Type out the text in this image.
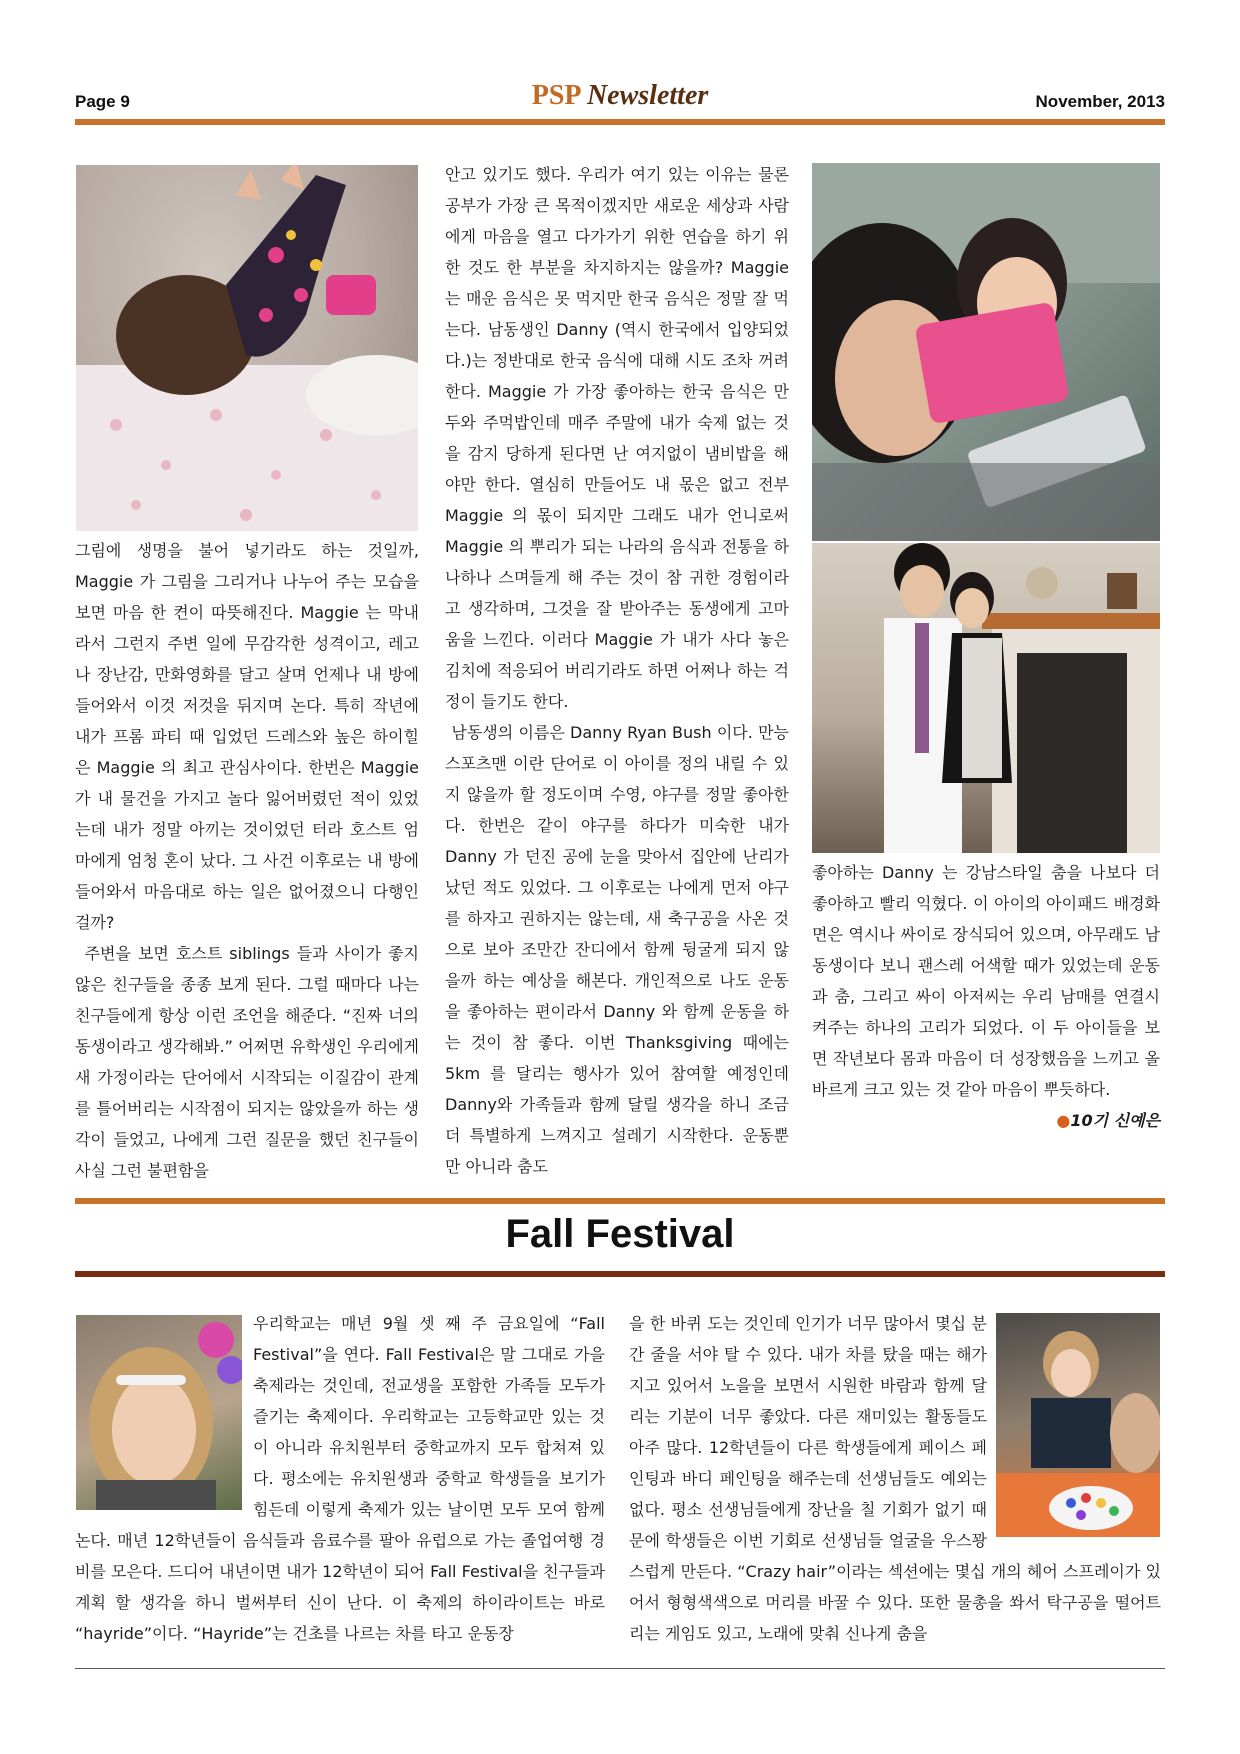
Page 9	PSP Newsletter	November, 2013

그림에 생명을 불어 넣기라도 하는 것일까, Maggie 가 그림을 그리거나 나누어 주는 모습을 보면 마음 한 켠이 따뜻해진다. Maggie 는 막내라서 그런지 주변 일에 무감각한 성격이고, 레고나 장난감, 만화영화를 달고 살며 언제나 내 방에 들어와서 이것 저것을 뒤지며 논다. 특히 작년에 내가 프롬 파티 때 입었던 드레스와 높은 하이힐은 Maggie 의 최고 관심사이다. 한번은 Maggie 가 내 물건을 가지고 놀다 잃어버렸던 적이 있었는데 내가 정말 아끼는 것이었던 터라 호스트 엄마에게 엄청 혼이 났다. 그 사건 이후로는 내 방에 들어와서 마음대로 하는 일은 없어졌으니 다행인 걸까?

주변을 보면 호스트 siblings 들과 사이가 좋지 않은 친구들을 종종 보게 된다. 그럴 때마다 나는 친구들에게 항상 이런 조언을 해준다. “진짜 너의 동생이라고 생각해봐.” 어쩌면 유학생인 우리에게 새 가정이라는 단어에서 시작되는 이질감이 관계를 틀어버리는 시작점이 되지는 않았을까 하는 생각이 들었고, 나에게 그런 질문을 했던 친구들이 사실 그런 불편함을

안고 있기도 했다. 우리가 여기 있는 이유는 물론 공부가 가장 큰 목적이겠지만 새로운 세상과 사람에게 마음을 열고 다가가기 위한 연습을 하기 위한 것도 한 부분을 차지하지는 않을까? Maggie 는 매운 음식은 못 먹지만 한국 음식은 정말 잘 먹는다. 남동생인 Danny (역시 한국에서 입양되었다.)는 정반대로 한국 음식에 대해 시도 조차 꺼려한다. Maggie 가 가장 좋아하는 한국 음식은 만두와 주먹밥인데 매주 주말에 내가 숙제 없는 것을 감지 당하게 된다면 난 여지없이 냄비밥을 해야만 한다. 열심히 만들어도 내 몫은 없고 전부 Maggie 의 몫이 되지만 그래도 내가 언니로써 Maggie 의 뿌리가 되는 나라의 음식과 전통을 하나하나 스며들게 해 주는 것이 참 귀한 경험이라고 생각하며, 그것을 잘 받아주는 동생에게 고마움을 느낀다. 이러다 Maggie 가 내가 사다 놓은 김치에 적응되어 버리기라도 하면 어쩌나 하는 걱정이 들기도 한다.

남동생의 이름은 Danny Ryan Bush 이다. 만능 스포츠맨 이란 단어로 이 아이를 정의 내릴 수 있지 않을까 할 정도이며 수영, 야구를 정말 좋아한다. 한번은 같이 야구를 하다가 미숙한 내가 Danny 가 던진 공에 눈을 맞아서 집안에 난리가 났던 적도 있었다. 그 이후로는 나에게 먼저 야구를 하자고 권하지는 않는데, 새 축구공을 사온 것으로 보아 조만간 잔디에서 함께 뒹굴게 되지 않을까 하는 예상을 해본다. 개인적으로 나도 운동을 좋아하는 편이라서 Danny 와 함께 운동을 하는 것이 참 좋다. 이번 Thanksgiving 때에는 5km 를 달리는 행사가 있어 참여할 예정인데 Danny와 가족들과 함께 달릴 생각을 하니 조금 더 특별하게 느껴지고 설레기 시작한다. 운동뿐 만 아니라 춤도

좋아하는 Danny 는 강남스타일 춤을 나보다 더 좋아하고 빨리 익혔다. 이 아이의 아이패드 배경화면은 역시나 싸이로 장식되어 있으며, 아무래도 남동생이다 보니 괜스레 어색할 때가 있었는데 운동과 춤, 그리고 싸이 아저씨는 우리 남매를 연결시켜주는 하나의 고리가 되었다. 이 두 아이들을 보면 작년보다 몸과 마음이 더 성장했음을 느끼고 올바르게 크고 있는 것 같아 마음이 뿌듯하다.

●10기 신예은
Fall Festival

우리학교는 매년 9월 셋 째 주 금요일에 “Fall Festival”을 연다. Fall Festival은 말 그대로 가을 축제라는 것인데, 전교생을 포함한 가족들 모두가 즐기는 축제이다. 우리학교는 고등학교만 있는 것이 아니라 유치원부터 중학교까지 모두 합쳐져 있다. 평소에는 유치원생과 중학교 학생들을 보기가 힘든데 이렇게 축제가 있는 날이면 모두 모여 함께 논다. 매년 12학년들이 음식들과 음료수를 팔아 유럽으로 가는 졸업여행 경비를 모은다. 드디어 내년이면 내가 12학년이 되어 Fall Festival을 친구들과 계획 할 생각을 하니 벌써부터 신이 난다. 이 축제의 하이라이트는 바로 “hayride”이다. “Hayride”는 건초를 나르는 차를 타고 운동장

을 한 바퀴 도는 것인데 인기가 너무 많아서 몇십 분간 줄을 서야 탈 수 있다. 내가 차를 탔을 때는 해가 지고 있어서 노을을 보면서 시원한 바람과 함께 달리는 기분이 너무 좋았다. 다른 재미있는 활동들도 아주 많다. 12학년들이 다른 학생들에게 페이스 페인팅과 바디 페인팅을 해주는데 선생님들도 예외는 없다. 평소 선생님들에게 장난을 칠 기회가 없기 때문에 학생들은 이번 기회로 선생님들 얼굴을 우스꽝스럽게 만든다. “Crazy hair”이라는 섹션에는 몇십 개의 헤어 스프레이가 있어서 형형색색으로 머리를 바꿀 수 있다. 또한 물총을 쏴서 탁구공을 떨어트리는 게임도 있고, 노래에 맞춰 신나게 춤을
